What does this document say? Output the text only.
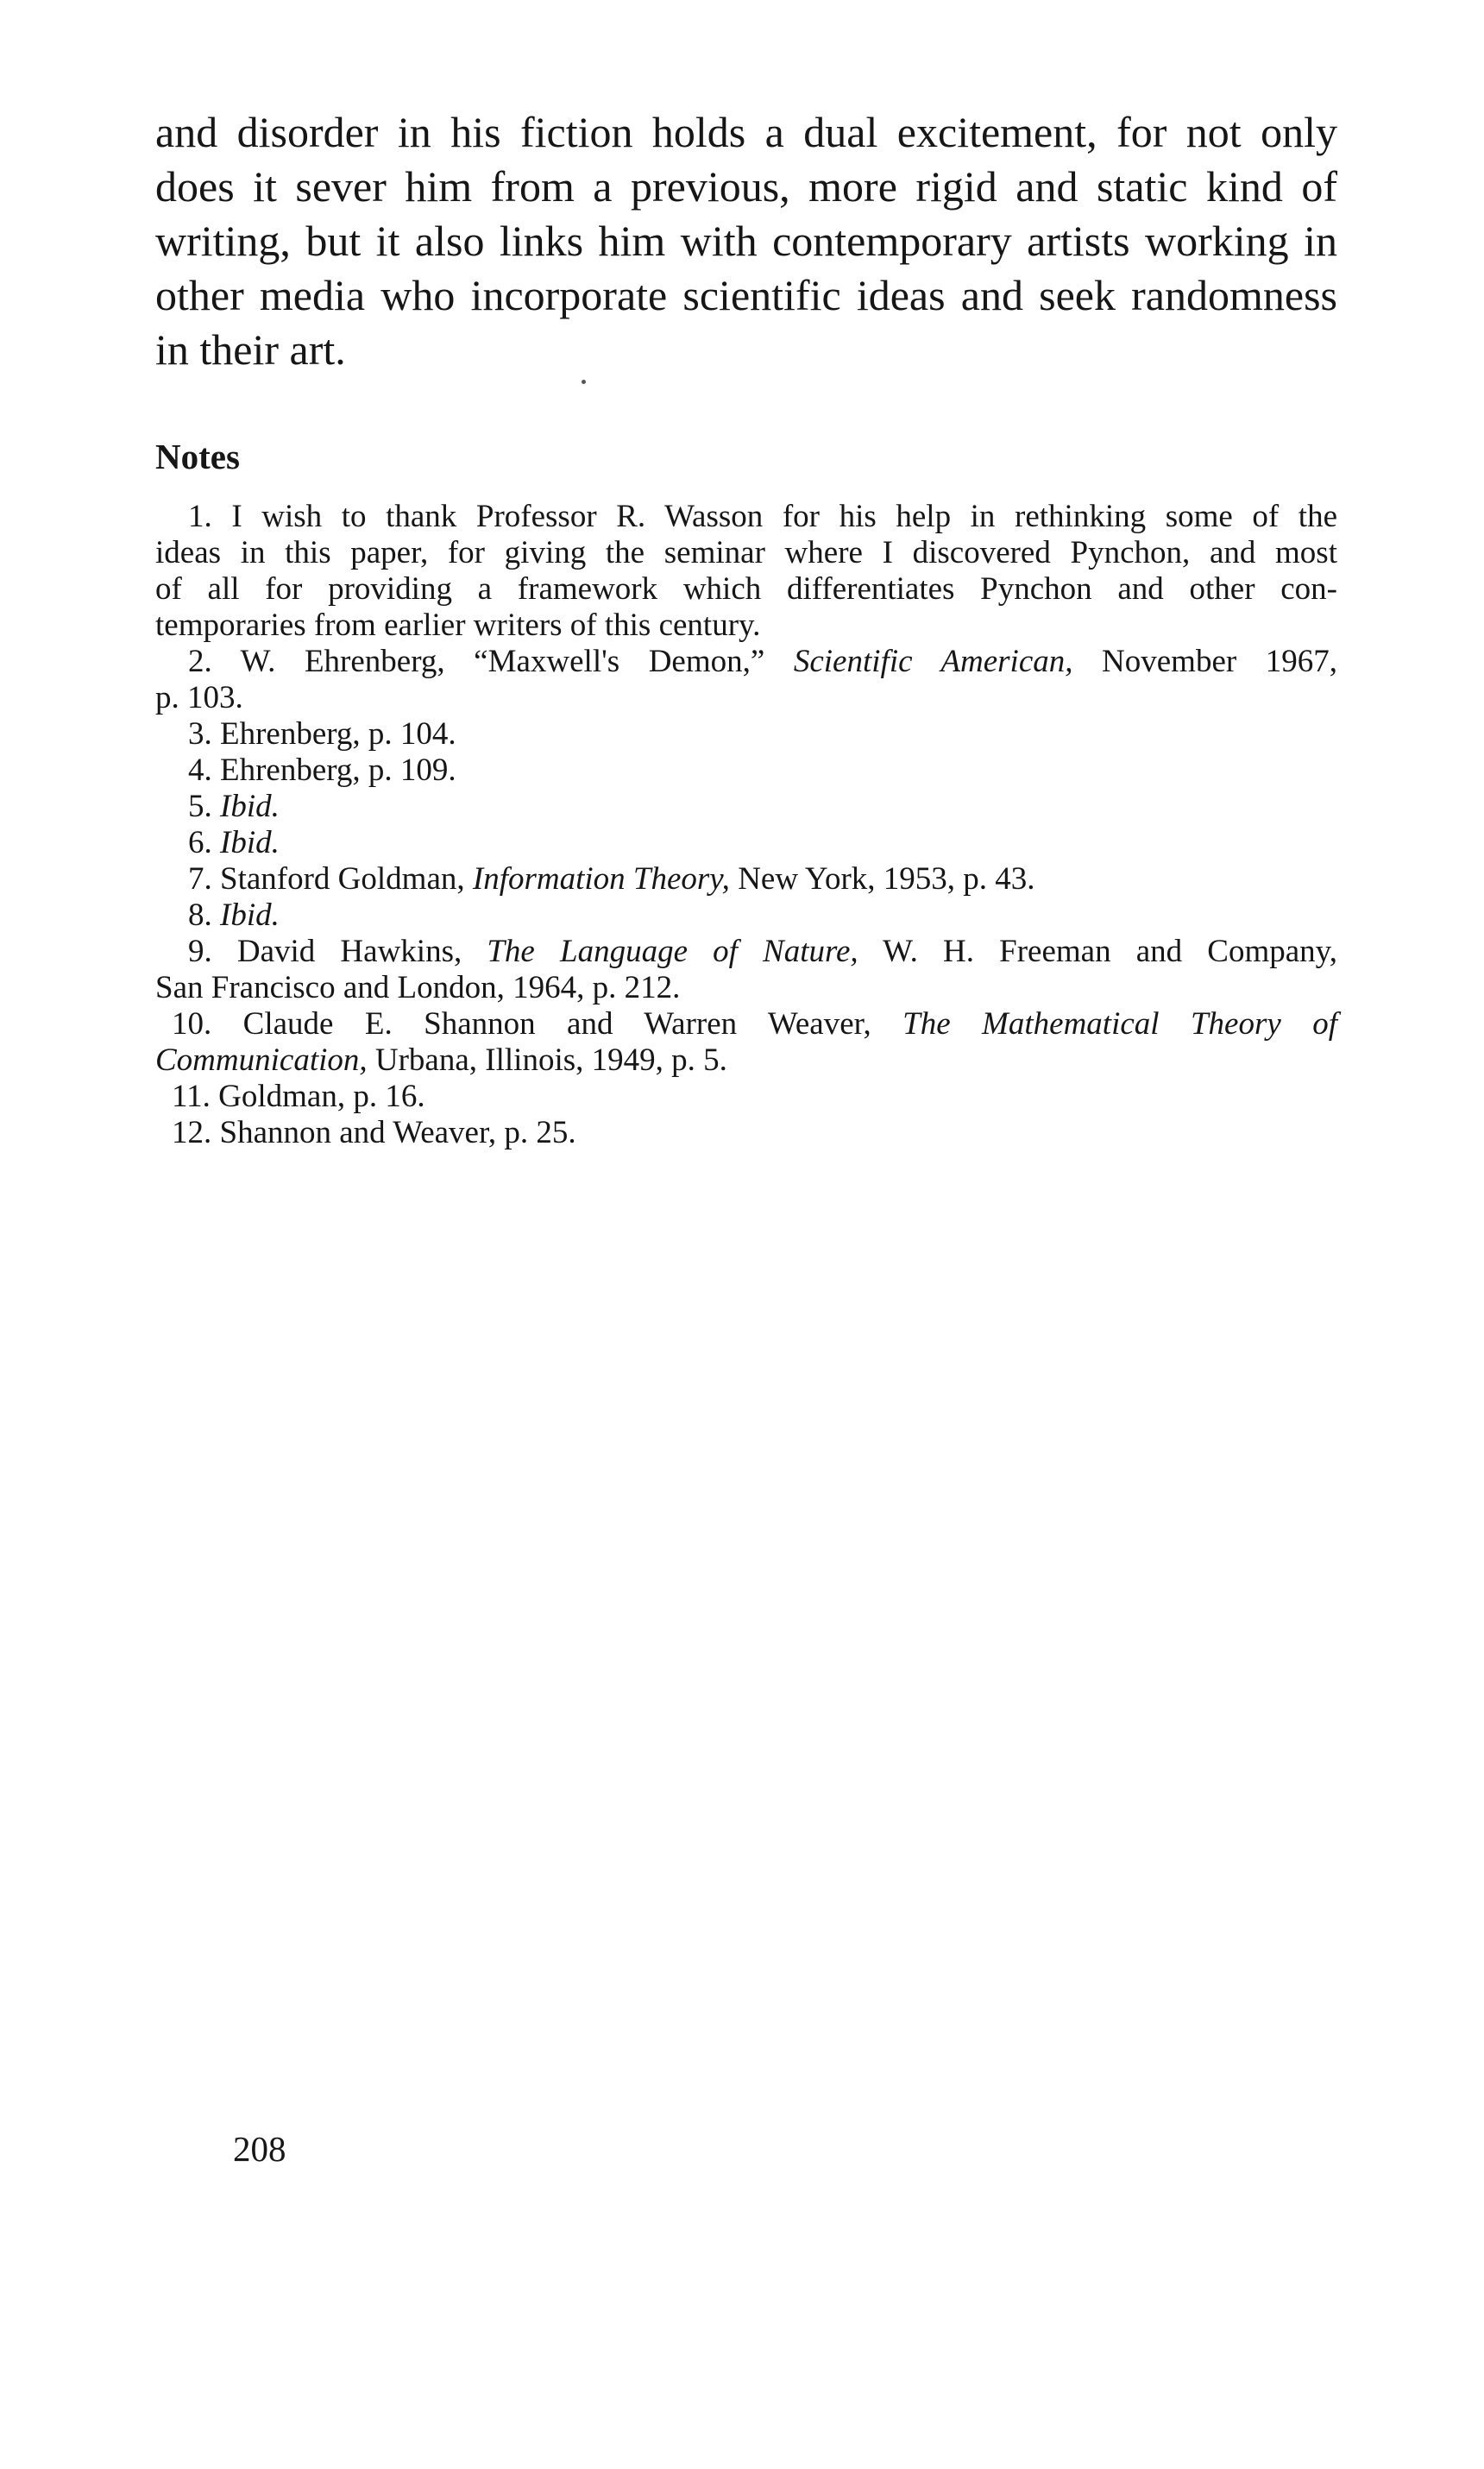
and disorder in his fiction holds a dual excitement, for not only
does it sever him from a previous, more rigid and static kind of
writing, but it also links him with contemporary artists working in
other media who incorporate scientific ideas and seek randomness
in their art.
Notes
1. I wish to thank Professor R. Wasson for his help in rethinking some of the
ideas in this paper, for giving the seminar where I discovered Pynchon, and most
of all for providing a framework which differentiates Pynchon and other con-
temporaries from earlier writers of this century.
2. W. Ehrenberg, “Maxwell's Demon,” Scientific American, November 1967,
p. 103.
3. Ehrenberg, p. 104.
4. Ehrenberg, p. 109.
5. Ibid.
6. Ibid.
7. Stanford Goldman, Information Theory, New York, 1953, p. 43.
8. Ibid.
9. David Hawkins, The Language of Nature, W. H. Freeman and Company,
San Francisco and London, 1964, p. 212.
10. Claude E. Shannon and Warren Weaver, The Mathematical Theory of
Communication, Urbana, Illinois, 1949, p. 5.
11. Goldman, p. 16.
12. Shannon and Weaver, p. 25.

208
